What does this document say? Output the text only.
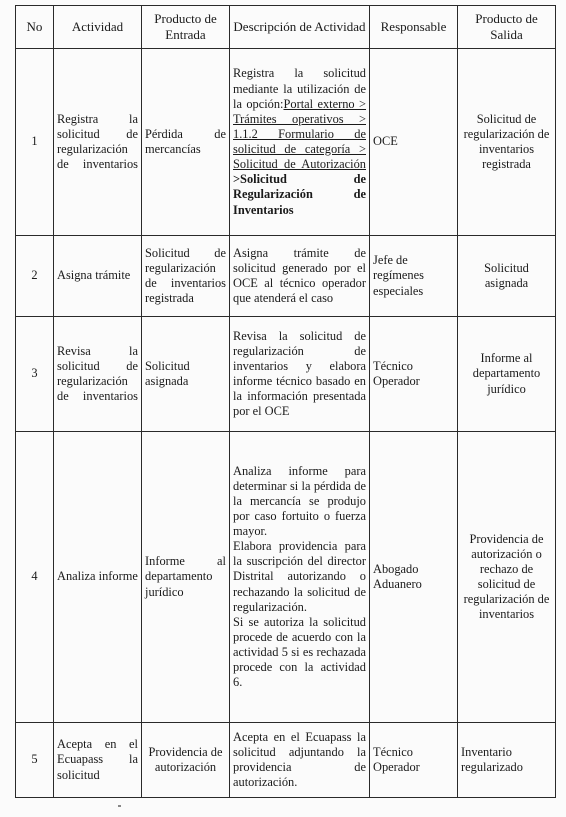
No	Actividad	Producto de Entrada	Descripción de Actividad	Responsable	Producto de Salida
1	Registra la solicitud de regularización de inventarios	Pérdida de mercancías	Registra la solicitud mediante la utilización de la opción:Portal externo > Trámites operativos > 1.1.2 Formulario de solicitud de categoría > Solicitud de Autorización >Solicitud de Regularización de Inventarios	OCE	Solicitud de regularización de inventarios registrada
2	Asigna trámite	Solicitud de regularización de inventarios registrada	Asigna trámite de solicitud generado por el OCE al técnico operador que atenderá el caso	Jefe de regímenes especiales	Solicitud asignada
3	Revisa la solicitud de regularización de inventarios	Solicitud asignada	Revisa la solicitud de regularización de inventarios y elabora informe técnico basado en la información presentada por el OCE	Técnico Operador	Informe al departamento jurídico
4	Analiza informe	Informe al departamento jurídico	Analiza informe para determinar si la pérdida de la mercancía se produjo por caso fortuito o fuerza mayor.
Elabora providencia para la suscripción del director Distrital autorizando o rechazando la solicitud de regularización.
Si se autoriza la solicitud procede de acuerdo con la actividad 5 si es rechazada procede con la actividad 6.	Abogado Aduanero	Providencia de autorización o rechazo de solicitud de regularización de inventarios
5	Acepta en el Ecuapass la solicitud	Providencia de autorización	Acepta en el Ecuapass la solicitud adjuntando la providencia de autorización.	Técnico Operador	Inventario regularizado
